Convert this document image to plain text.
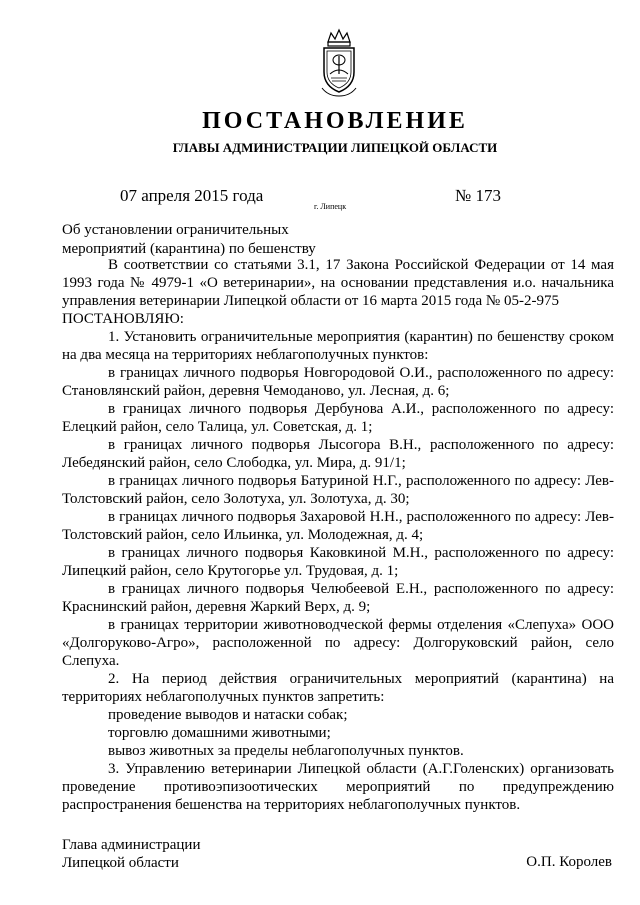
ПОСТАНОВЛЕНИЕ
ГЛАВЫ АДМИНИСТРАЦИИ ЛИПЕЦКОЙ ОБЛАСТИ
07 апреля 2015 года
г. Липецк
№ 173
Об установлении ограничительных
мероприятий (карантина) по бешенству

В соответствии со статьями 3.1, 17 Закона Российской Федерации от 14 мая 1993 года № 4979-1 «О ветеринарии», на основании представления и.о. начальника управления ветеринарии Липецкой области от 16 марта 2015 года № 05-2-975

ПОСТАНОВЛЯЮ:

1. Установить ограничительные мероприятия (карантин) по бешенству сроком на два месяца на территориях неблагополучных пунктов:

в границах личного подворья Новгородовой О.И., расположенного по адресу: Становлянский район, деревня Чемоданово, ул. Лесная, д. 6;

в границах личного подворья Дербунова А.И., расположенного по адресу: Елецкий район, село Талица, ул. Советская, д. 1;

в границах личного подворья Лысогора В.Н., расположенного по адресу: Лебедянский район, село Слободка, ул. Мира, д. 91/1;

в границах личного подворья Батуриной Н.Г., расположенного по адресу: Лев-Толстовский район, село Золотуха, ул. Золотуха, д. 30;

в границах личного подворья Захаровой Н.Н., расположенного по адресу: Лев-Толстовский район, село Ильинка, ул. Молодежная, д. 4;

в границах личного подворья Каковкиной М.Н., расположенного по адресу: Липецкий район, село Крутогорье ул. Трудовая, д. 1;

в границах личного подворья Челюбеевой Е.Н., расположенного по адресу: Краснинский район, деревня Жаркий Верх, д. 9;

в границах территории животноводческой фермы отделения «Слепуха» ООО «Долгоруково-Агро», расположенной по адресу: Долгоруковский район, село Слепуха.

2. На период действия ограничительных мероприятий (карантина) на территориях неблагополучных пунктов запретить:

проведение выводов и натаски собак;

торговлю домашними животными;

вывоз животных за пределы неблагополучных пунктов.

3. Управлению ветеринарии Липецкой области (А.Г.Голенских) организовать проведение противоэпизоотических мероприятий по предупреждению распространения бешенства на территориях неблагополучных пунктов.

Глава администрации
Липецкой области	О.П. Королев
